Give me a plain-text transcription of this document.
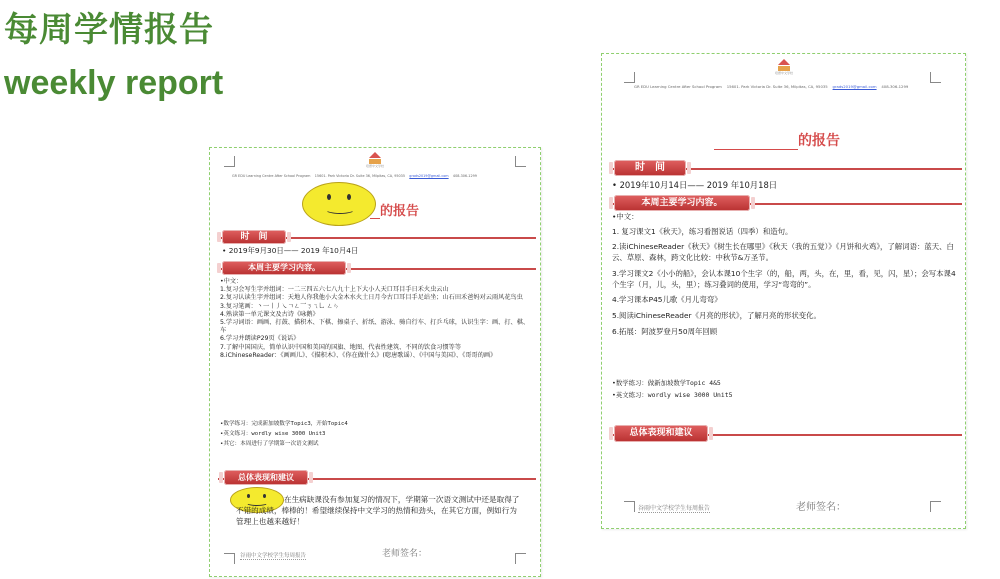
每周学情报告
weekly report
培德中文学校
GR EDU Learning Centre After School Program 15601. Park Victoria Dr. Suite 36, Milpitas, CA, 95035 grads2019@gmail.com 408-306-1299
的报告
时　间
• 2019年9月30日—— 2019 年10月4日
本周主要学习内容。

•中文：

1.复习会写生字并组词：一二三四五六七八九十上下大小人天口耳目手日禾火虫云山

2.复习认读生字并组词：天地人你我他小大金木水火土日月今古口耳目手足站坐；山石田禾爸妈对云雨风花鸟虫

3.复习笔画：丶一丨丿㇏ㄱㄥ乛ㄋㄟ乚 ㄥㄣ

4.熟读第一单元课文及古诗《咏鹅》

5.学习词语：画画、打鼓、描积木、下棋、擦桌子、折纸、游泳、骑自行车、打乒乓球，认识生字：画、打、棋、车

6.学习并朗读P29页《说话》

7.了解中国国庆，简单认识中国和美国的国旗、地图、代表性建筑、不同的饮食习惯等等

8.iChineseReader：《画画儿》、《描积木》、《你在做什么》(唿唐歌谣）、《中国与美国》、《哥哥的画》

•数学练习：完成新加坡数学Topic3，开始Topic4

•英文练习：wordly wise 3000 Unit3

•其它：本周进行了学期第一次语文测试

总体表现和建议
在生病缺课没有参加复习的情况下，学期第一次语文测试中还是取得了不错的成绩，棒棒的！希望继续保持中文学习的热情和劲头，在其它方面，例如行为管理上也越来越好！
谷雨中文学校学生每周报告	老师签名：
培德中文学校
GR EDU Learning Centre After School Program 15601. Park Victoria Dr. Suite 36, Milpitas, CA, 95035 grads2019@gmail.com 408-306-1299
的报告
时　间
• 2019年10月14日—— 2019 年10月18日
本周主要学习内容。

•中文：

1. 复习课文1《秋天》，练习看图说话（四季）和造句。

2.读iChineseReader《秋天》《树生长在哪里》《秋天（我的五觉）》《月饼和火鸡》，了解词语：蓝天、白云、草原、森林，跨文化比较：中秋节&万圣节。

3.学习课文2《小小的船》，会认本课10个生字（的，船，两，头，在，里，看，见，闪，星）；会写本课4个生字（月，儿，头，里）；练习叠词的使用，学习“弯弯的”。

4.学习课本P45儿歌《月儿弯弯》

5.阅读iChineseReader《月亮的形状》，了解月亮的形状变化。

6.拓展：阿波罗登月50周年回顾

•数学练习：做新加坡数学Topic 4&5

•英文练习：wordly wise 3000 Unit5

总体表现和建议
谷雨中文学校学生每周报告	老师签名：
